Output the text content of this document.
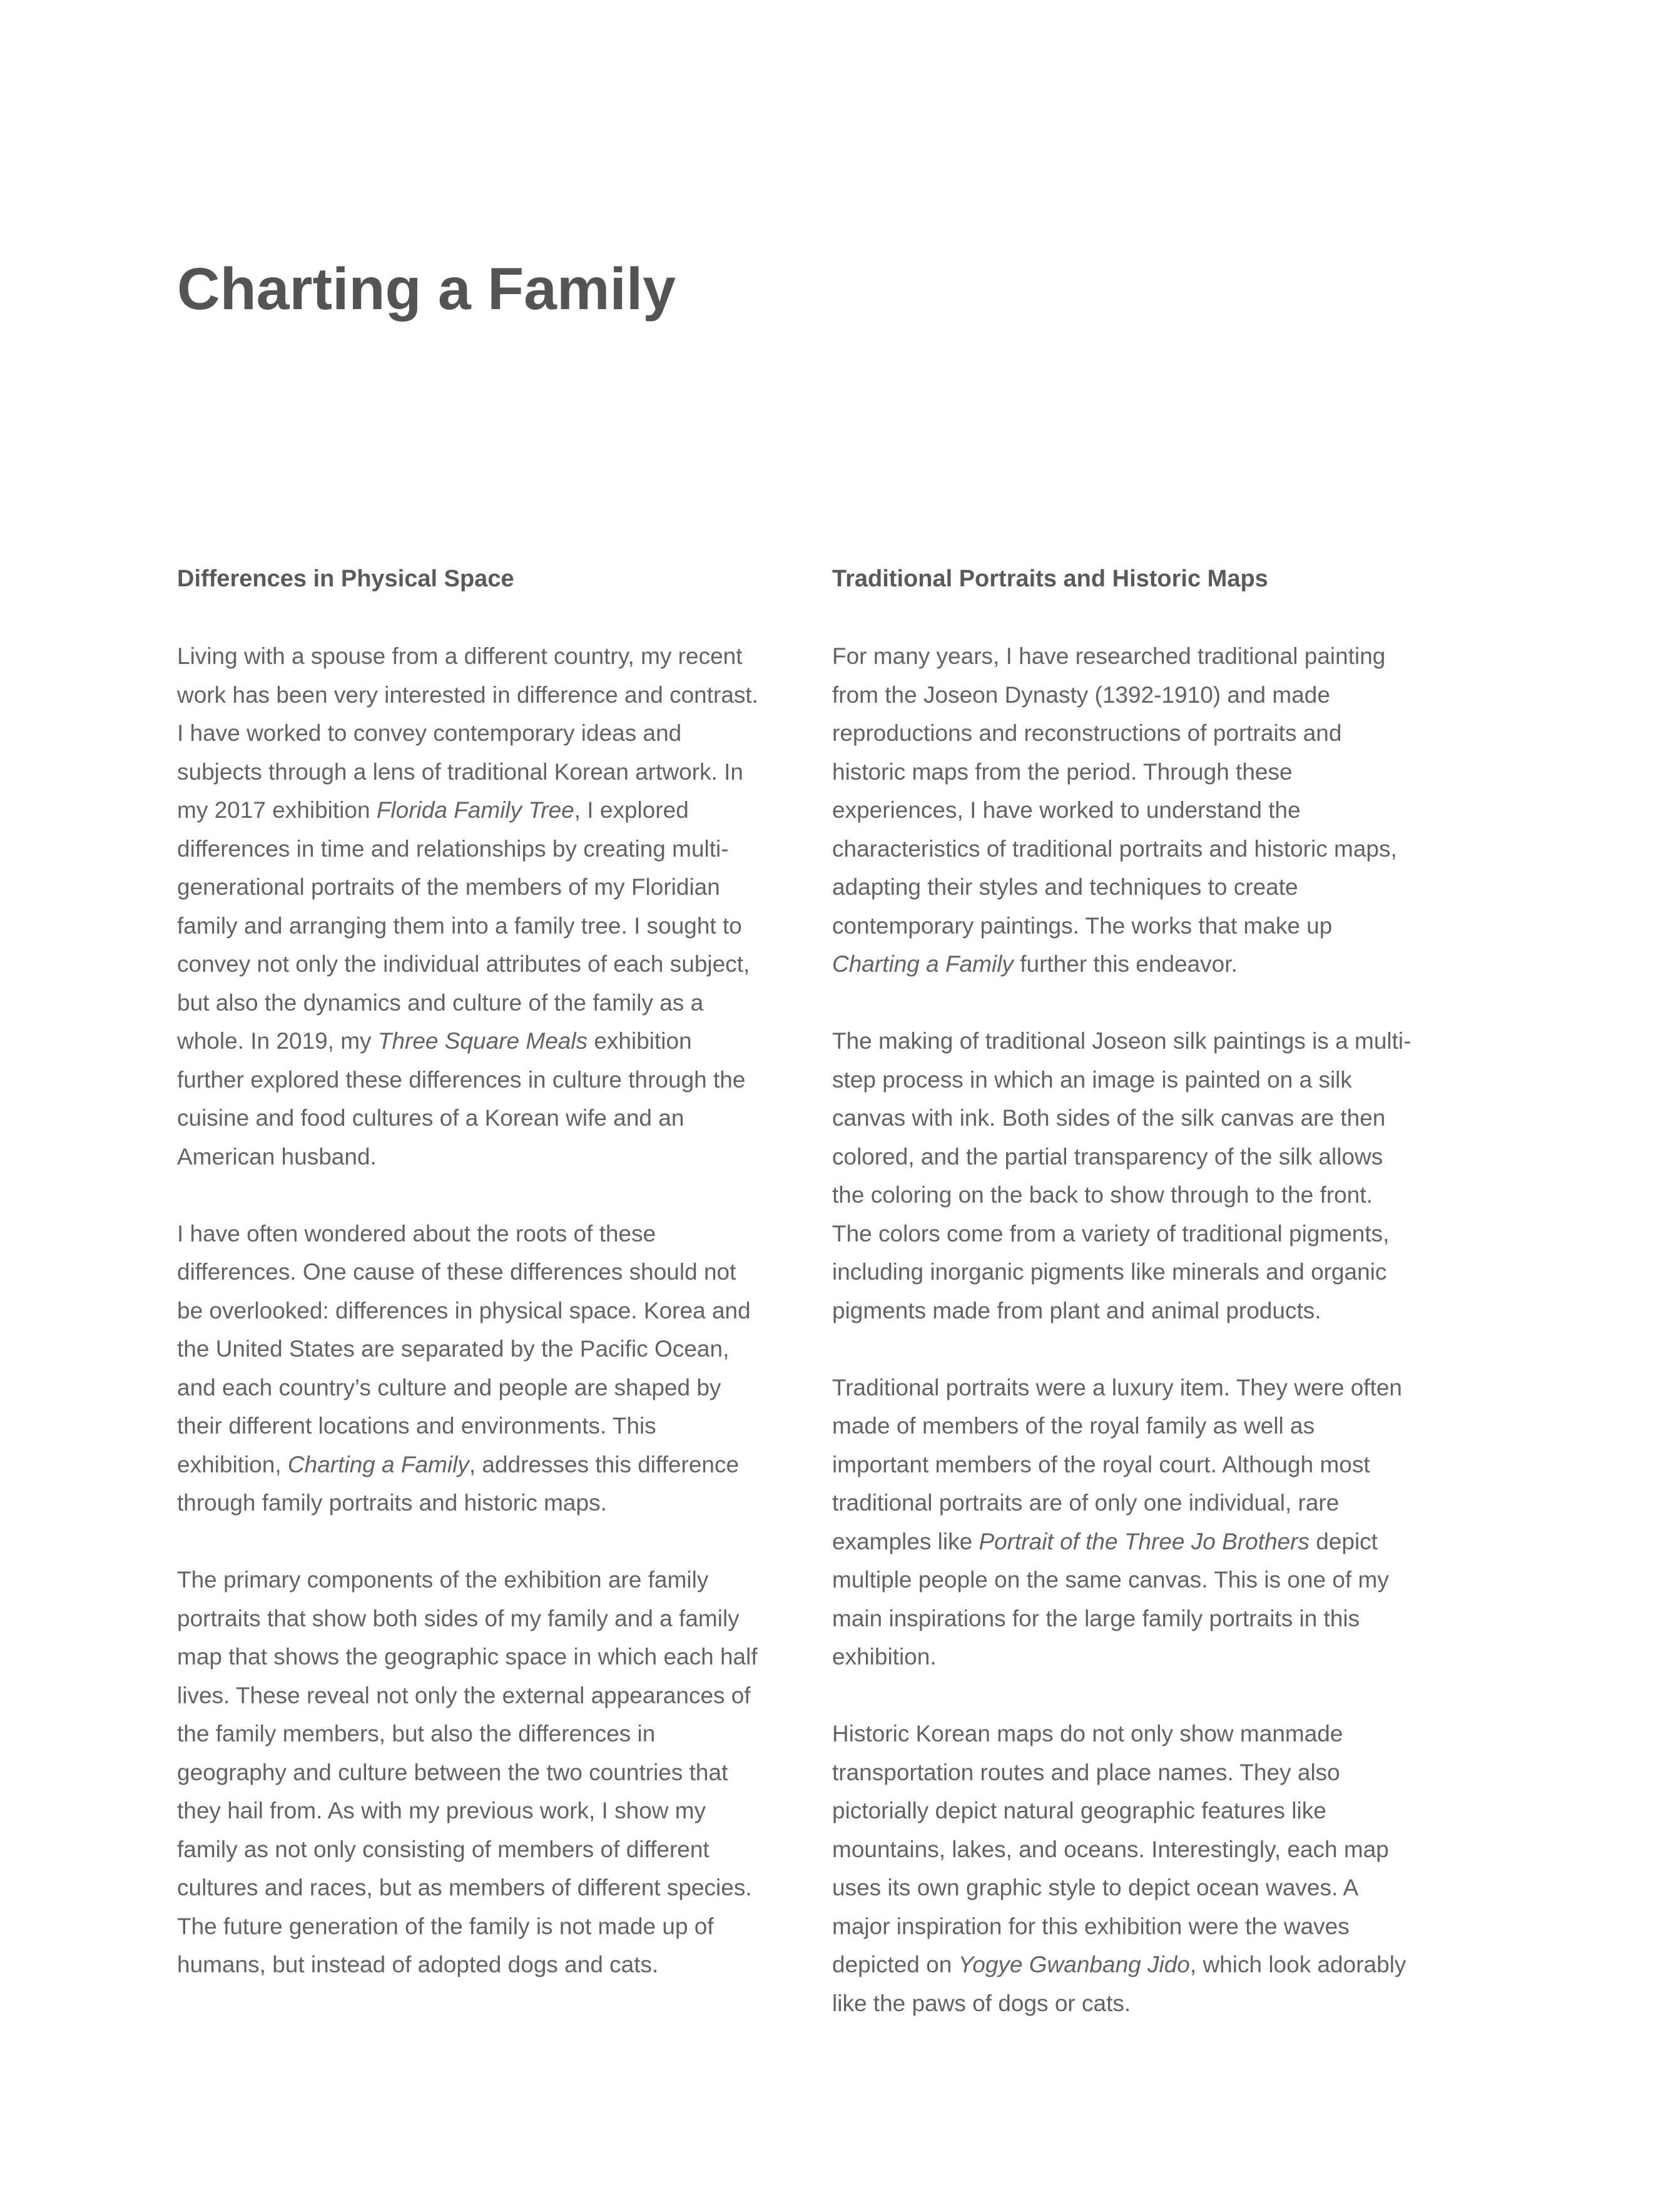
Charting a Family
Differences in Physical Space
Living with a spouse from a different country, my recent
work has been very interested in difference and contrast.
I have worked to convey contemporary ideas and
subjects through a lens of traditional Korean artwork. In
my 2017 exhibition Florida Family Tree, I explored
differences in time and relationships by creating multi-
generational portraits of the members of my Floridian
family and arranging them into a family tree. I sought to
convey not only the individual attributes of each subject,
but also the dynamics and culture of the family as a
whole. In 2019, my Three Square Meals exhibition
further explored these differences in culture through the
cuisine and food cultures of a Korean wife and an
American husband.
I have often wondered about the roots of these
differences. One cause of these differences should not
be overlooked: differences in physical space. Korea and
the United States are separated by the Pacific Ocean,
and each country’s culture and people are shaped by
their different locations and environments. This
exhibition, Charting a Family, addresses this difference
through family portraits and historic maps.
The primary components of the exhibition are family
portraits that show both sides of my family and a family
map that shows the geographic space in which each half
lives. These reveal not only the external appearances of
the family members, but also the differences in
geography and culture between the two countries that
they hail from. As with my previous work, I show my
family as not only consisting of members of different
cultures and races, but as members of different species.
The future generation of the family is not made up of
humans, but instead of adopted dogs and cats.
Traditional Portraits and Historic Maps
For many years, I have researched traditional painting
from the Joseon Dynasty (1392-1910) and made
reproductions and reconstructions of portraits and
historic maps from the period. Through these
experiences, I have worked to understand the
characteristics of traditional portraits and historic maps,
adapting their styles and techniques to create
contemporary paintings. The works that make up
Charting a Family further this endeavor.
The making of traditional Joseon silk paintings is a multi-
step process in which an image is painted on a silk
canvas with ink. Both sides of the silk canvas are then
colored, and the partial transparency of the silk allows
the coloring on the back to show through to the front.
The colors come from a variety of traditional pigments,
including inorganic pigments like minerals and organic
pigments made from plant and animal products.
Traditional portraits were a luxury item. They were often
made of members of the royal family as well as
important members of the royal court. Although most
traditional portraits are of only one individual, rare
examples like Portrait of the Three Jo Brothers depict
multiple people on the same canvas. This is one of my
main inspirations for the large family portraits in this
exhibition.
Historic Korean maps do not only show manmade
transportation routes and place names. They also
pictorially depict natural geographic features like
mountains, lakes, and oceans. Interestingly, each map
uses its own graphic style to depict ocean waves. A
major inspiration for this exhibition were the waves
depicted on Yogye Gwanbang Jido, which look adorably
like the paws of dogs or cats.
